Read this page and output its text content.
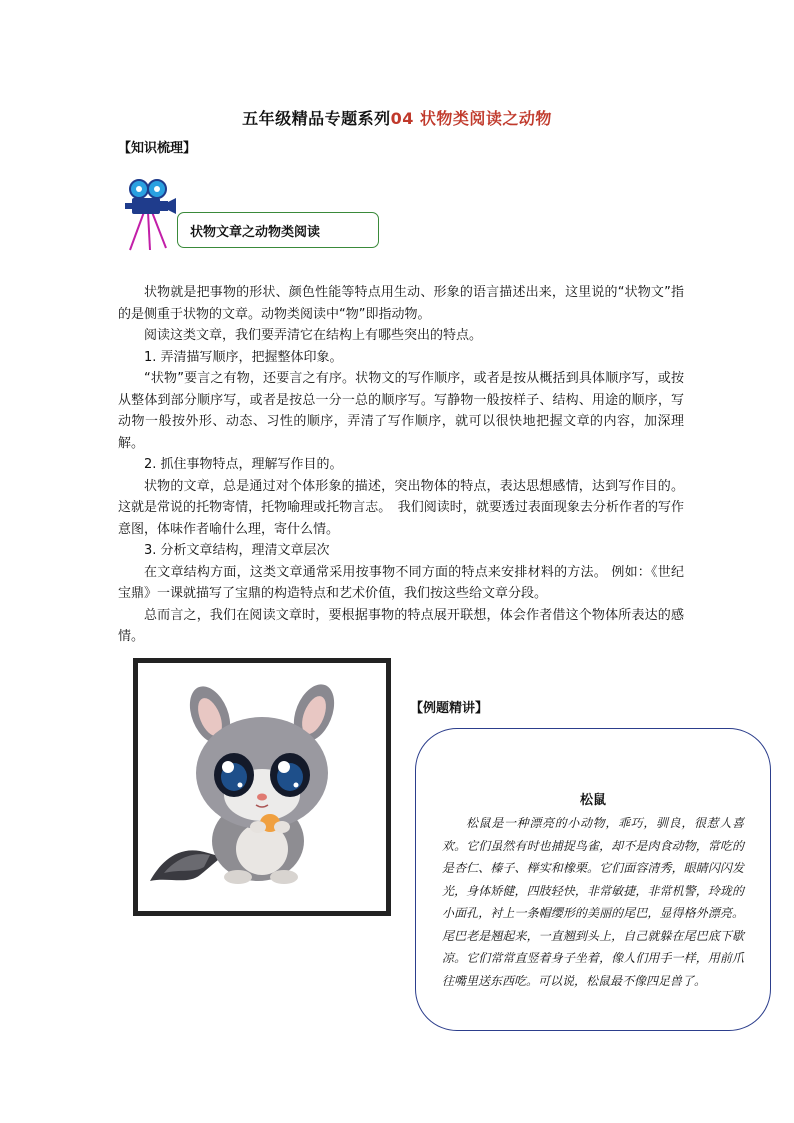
五年级精品专题系列04 状物类阅读之动物
【知识梳理】
状物文章之动物类阅读

状物就是把事物的形状、颜色性能等特点用生动、形象的语言描述出来，这里说的“状物文”指的是侧重于状物的文章。动物类阅读中“物”即指动物。

阅读这类文章，我们要弄清它在结构上有哪些突出的特点。

1. 弄清描写顺序，把握整体印象。

“状物”要言之有物，还要言之有序。状物文的写作顺序，或者是按从概括到具体顺序写，或按从整体到部分顺序写，或者是按总一分一总的顺序写。写静物一般按样子、结构、用途的顺序，写动物一般按外形、动态、习性的顺序，弄清了写作顺序，就可以很快地把握文章的内容，加深理解。

2. 抓住事物特点，理解写作目的。

状物的文章，总是通过对个体形象的描述，突出物体的特点，表达思想感情，达到写作目的。这就是常说的托物寄情，托物喻理或托物言志。　我们阅读时，就要透过表面现象去分析作者的写作意图，体味作者喻什么理，寄什么情。

3. 分析文章结构，理清文章层次

在文章结构方面，这类文章通常采用按事物不同方面的特点来安排材料的方法。 例如：《世纪宝鼎》一课就描写了宝鼎的构造特点和艺术价值，我们按这些给文章分段。

总而言之，我们在阅读文章时，要根据事物的特点展开联想，体会作者借这个物体所表达的感情。

【例题精讲】
松鼠
松鼠是一种漂亮的小动物，乖巧，驯良，很惹人喜欢。它们虽然有时也捕捉鸟雀，却不是肉食动物，常吃的是杏仁、榛子、榉实和橡栗。它们面容清秀，眼睛闪闪发光，身体矫健，四肢轻快，非常敏捷，非常机警，玲珑的小面孔，衬上一条帽缨形的美丽的尾巴，显得格外漂亮。尾巴老是翘起来，一直翘到头上，自己就躲在尾巴底下歇凉。它们常常直竖着身子坐着，像人们用手一样，用前爪往嘴里送东西吃。可以说，松鼠最不像四足兽了。
